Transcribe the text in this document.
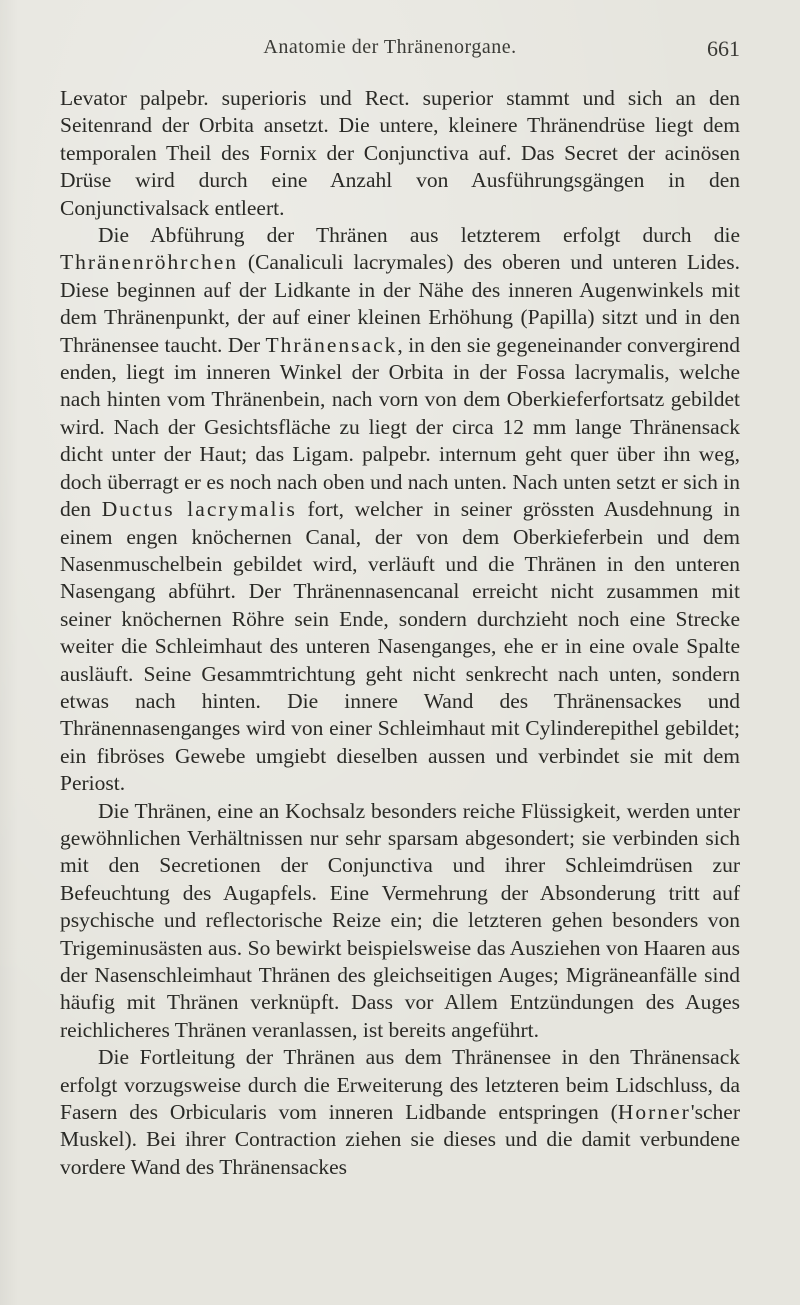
Anatomie der Thränenorgane.	661

Levator palpebr. superioris und Rect. superior stammt und sich an den Seitenrand der Orbita ansetzt. Die untere, kleinere Thränendrüse liegt dem temporalen Theil des Fornix der Conjunctiva auf. Das Secret der acinösen Drüse wird durch eine Anzahl von Ausführungsgängen in den Conjunctivalsack entleert.

Die Abführung der Thränen aus letzterem erfolgt durch die Thränenröhrchen (Canaliculi lacrymales) des oberen und unteren Lides. Diese beginnen auf der Lidkante in der Nähe des inneren Augenwinkels mit dem Thränenpunkt, der auf einer kleinen Erhöhung (Papilla) sitzt und in den Thränensee taucht. Der Thränensack, in den sie gegeneinander convergirend enden, liegt im inneren Winkel der Orbita in der Fossa lacrymalis, welche nach hinten vom Thränenbein, nach vorn von dem Oberkieferfortsatz gebildet wird. Nach der Gesichtsfläche zu liegt der circa 12 mm lange Thränensack dicht unter der Haut; das Ligam. palpebr. internum geht quer über ihn weg, doch überragt er es noch nach oben und nach unten. Nach unten setzt er sich in den Ductus lacrymalis fort, welcher in seiner grössten Ausdehnung in einem engen knöchernen Canal, der von dem Oberkieferbein und dem Nasenmuschelbein gebildet wird, verläuft und die Thränen in den unteren Nasengang abführt. Der Thränennasencanal erreicht nicht zusammen mit seiner knöchernen Röhre sein Ende, sondern durchzieht noch eine Strecke weiter die Schleimhaut des unteren Nasenganges, ehe er in eine ovale Spalte ausläuft. Seine Gesammtrichtung geht nicht senkrecht nach unten, sondern etwas nach hinten. Die innere Wand des Thränensackes und Thränennasenganges wird von einer Schleimhaut mit Cylinderepithel gebildet; ein fibröses Gewebe umgiebt dieselben aussen und verbindet sie mit dem Periost.

Die Thränen, eine an Kochsalz besonders reiche Flüssigkeit, werden unter gewöhnlichen Verhältnissen nur sehr sparsam abgesondert; sie verbinden sich mit den Secretionen der Conjunctiva und ihrer Schleimdrüsen zur Befeuchtung des Augapfels. Eine Vermehrung der Absonderung tritt auf psychische und reflectorische Reize ein; die letzteren gehen besonders von Trigeminusästen aus. So bewirkt beispielsweise das Ausziehen von Haaren aus der Nasenschleimhaut Thränen des gleichseitigen Auges; Migräneanfälle sind häufig mit Thränen verknüpft. Dass vor Allem Entzündungen des Auges reichlicheres Thränen veranlassen, ist bereits angeführt.

Die Fortleitung der Thränen aus dem Thränensee in den Thränensack erfolgt vorzugsweise durch die Erweiterung des letzteren beim Lidschluss, da Fasern des Orbicularis vom inneren Lidbande entspringen (Horner'scher Muskel). Bei ihrer Contraction ziehen sie dieses und die damit verbundene vordere Wand des Thränensackes
